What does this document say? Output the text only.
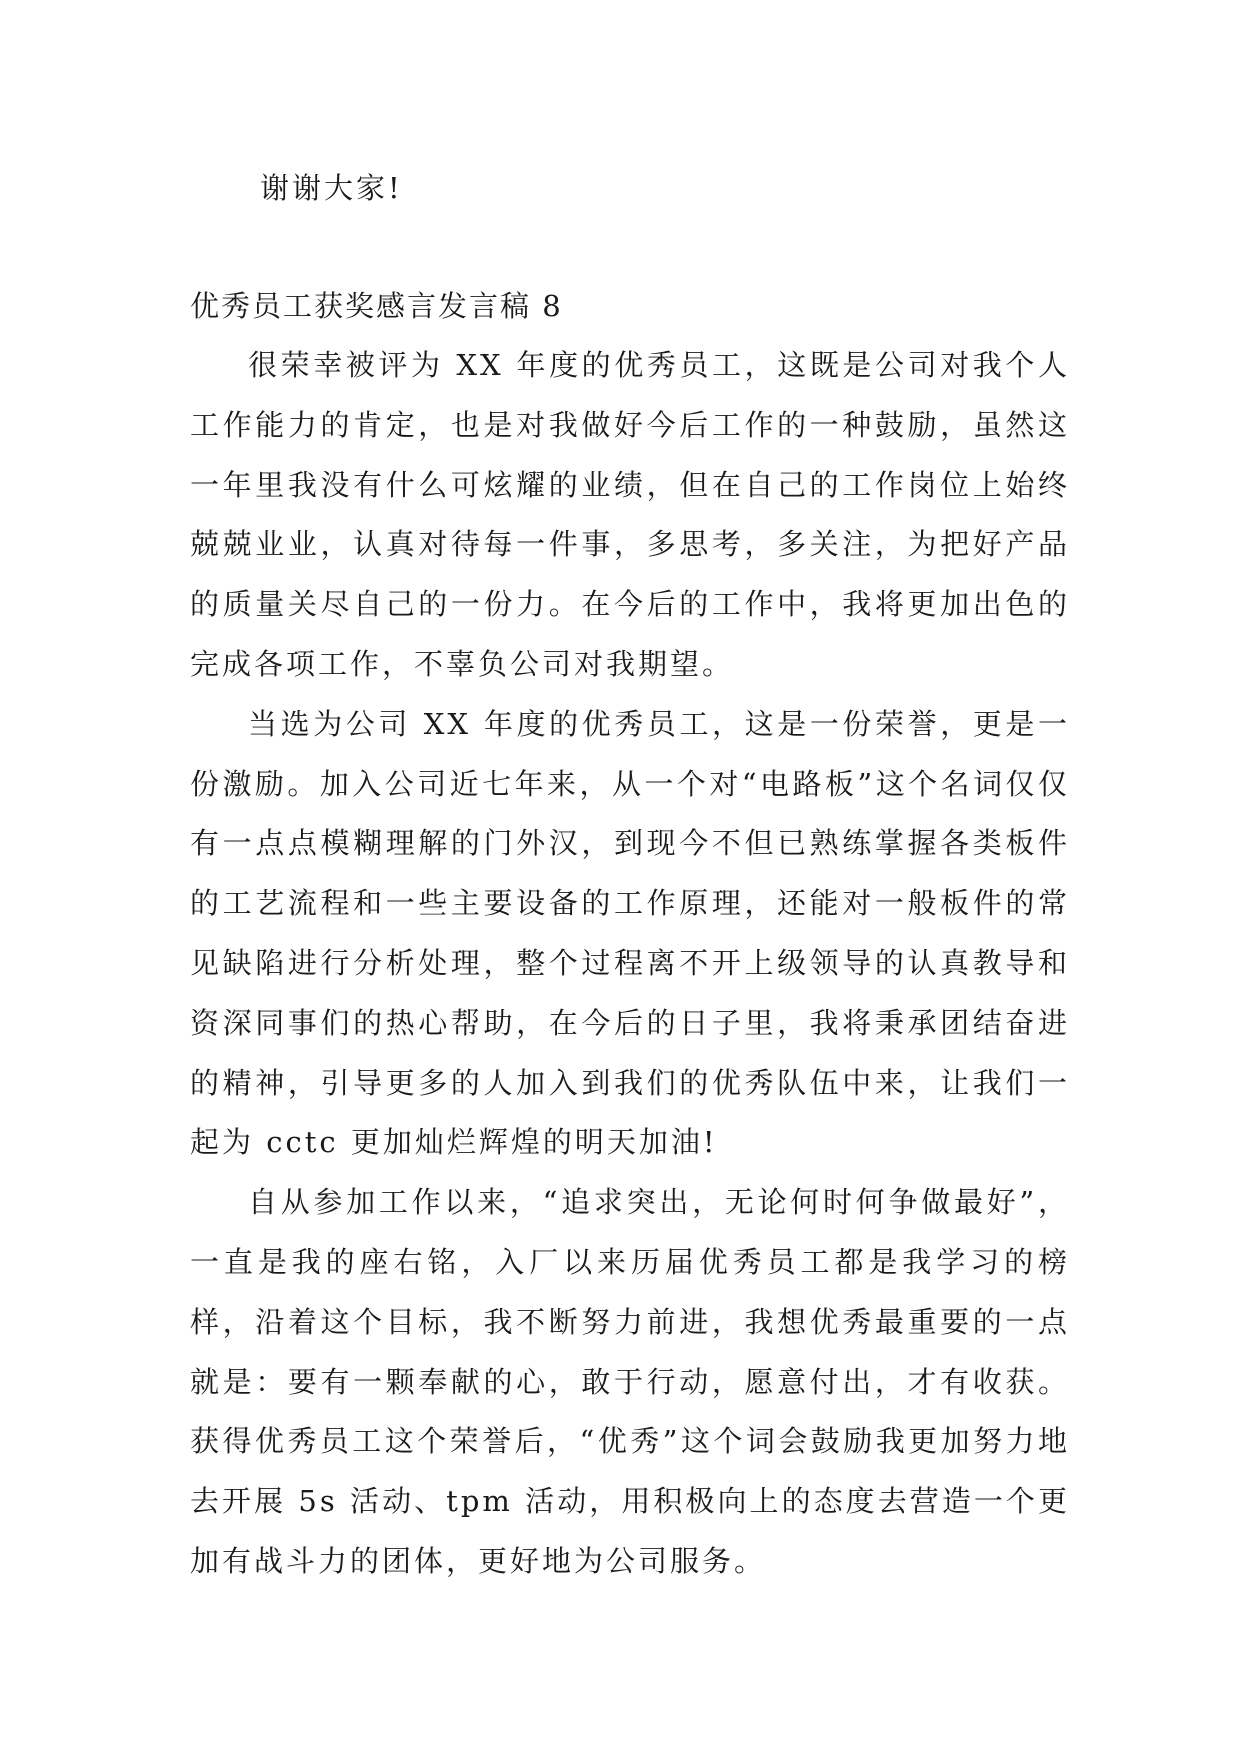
谢谢大家!
优秀员工获奖感言发言稿 8

很荣幸被评为 XX 年度的优秀员工，这既是公司对我个人工作能力的肯定，也是对我做好今后工作的一种鼓励，虽然这一年里我没有什么可炫耀的业绩，但在自己的工作岗位上始终兢兢业业，认真对待每一件事，多思考，多关注，为把好产品的质量关尽自己的一份力。在今后的工作中，我将更加出色的完成各项工作，不辜负公司对我期望。

当选为公司 XX 年度的优秀员工，这是一份荣誉，更是一份激励。加入公司近七年来，从一个对“电路板”这个名词仅仅有一点点模糊理解的门外汉，到现今不但已熟练掌握各类板件的工艺流程和一些主要设备的工作原理，还能对一般板件的常见缺陷进行分析处理，整个过程离不开上级领导的认真教导和资深同事们的热心帮助，在今后的日子里，我将秉承团结奋进的精神，引导更多的人加入到我们的优秀队伍中来，让我们一起为 cctc 更加灿烂辉煌的明天加油!

自从参加工作以来，“追求突出，无论何时何争做最好”，一直是我的座右铭，入厂以来历届优秀员工都是我学习的榜样，沿着这个目标，我不断努力前进，我想优秀最重要的一点就是：要有一颗奉献的心，敢于行动，愿意付出，才有收获。获得优秀员工这个荣誉后，“优秀”这个词会鼓励我更加努力地去开展 5s 活动、tpm 活动，用积极向上的态度去营造一个更加有战斗力的团体，更好地为公司服务。
